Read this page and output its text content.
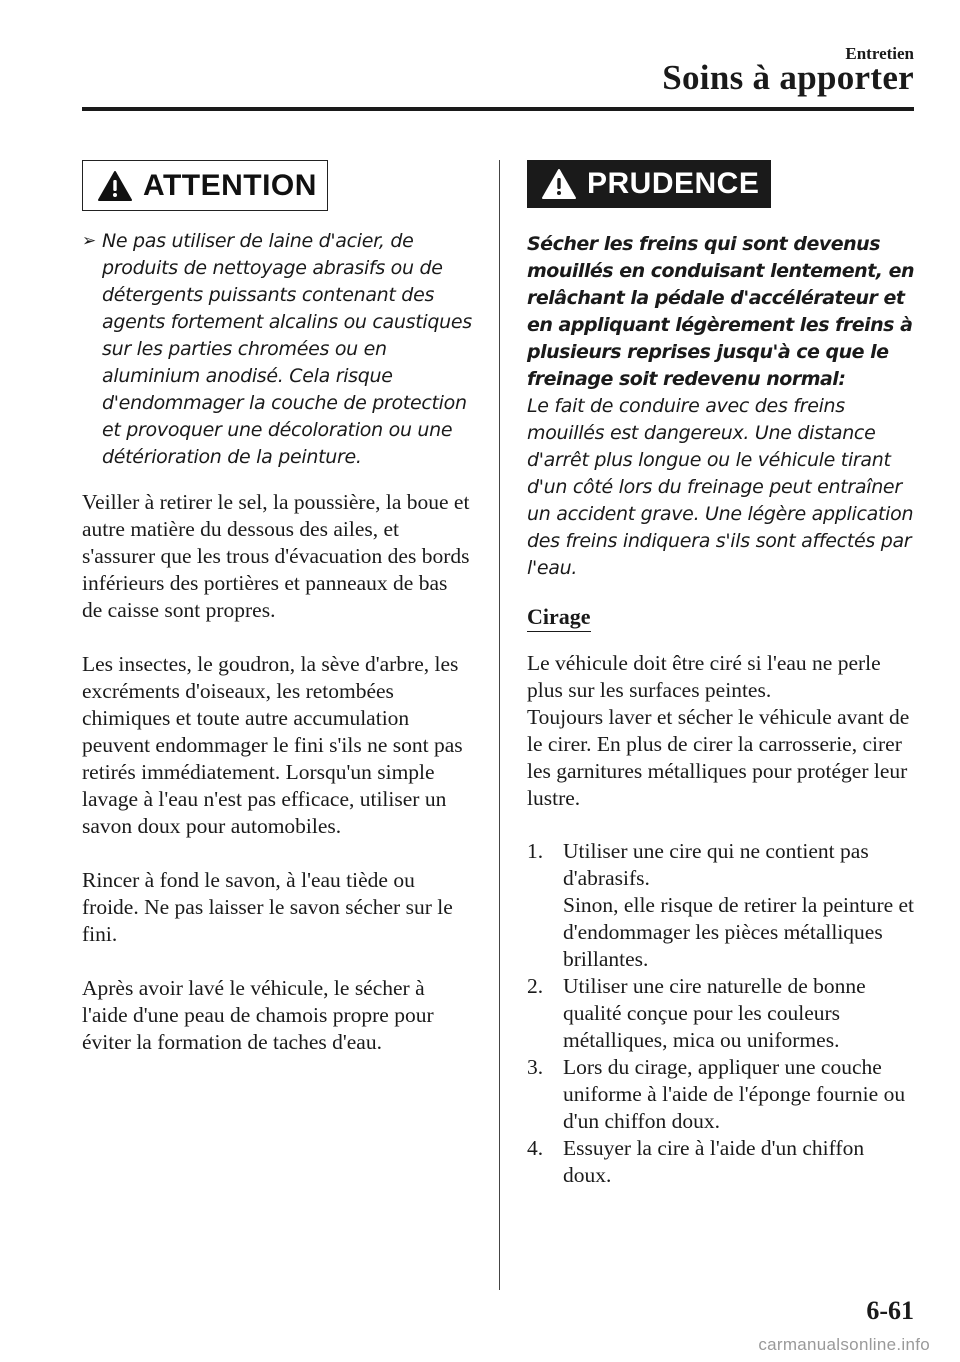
Entretien
Soins à apporter
ATTENTION
➢ Ne pas utiliser de laine d'acier, de produits de nettoyage abrasifs ou de détergents puissants contenant des agents fortement alcalins ou caustiques sur les parties chromées ou en aluminium anodisé. Cela risque d'endommager la couche de protection et provoquer une décoloration ou une détérioration de la peinture.

Veiller à retirer le sel, la poussière, la boue et autre matière du dessous des ailes, et s'assurer que les trous d'évacuation des bords inférieurs des portières et panneaux de bas de caisse sont propres.

Les insectes, le goudron, la sève d'arbre, les excréments d'oiseaux, les retombées chimiques et toute autre accumulation peuvent endommager le fini s'ils ne sont pas retirés immédiatement. Lorsqu'un simple lavage à l'eau n'est pas efficace, utiliser un savon doux pour automobiles.

Rincer à fond le savon, à l'eau tiède ou froide. Ne pas laisser le savon sécher sur le fini.

Après avoir lavé le véhicule, le sécher à l'aide d'une peau de chamois propre pour éviter la formation de taches d'eau.

PRUDENCE
Sécher les freins qui sont devenus mouillés en conduisant lentement, en relâchant la pédale d'accélérateur et en appliquant légèrement les freins à plusieurs reprises jusqu'à ce que le freinage soit redevenu normal:
Le fait de conduire avec des freins mouillés est dangereux. Une distance d'arrêt plus longue ou le véhicule tirant d'un côté lors du freinage peut entraîner un accident grave. Une légère application des freins indiquera s'ils sont affectés par l'eau.
Cirage

Le véhicule doit être ciré si l'eau ne perle plus sur les surfaces peintes.

Toujours laver et sécher le véhicule avant de le cirer. En plus de cirer la carrosserie, cirer les garnitures métalliques pour protéger leur lustre.

1. Utiliser une cire qui ne contient pas d'abrasifs.
Sinon, elle risque de retirer la peinture et d'endommager les pièces métalliques brillantes.
2. Utiliser une cire naturelle de bonne qualité conçue pour les couleurs métalliques, mica ou uniformes.
3. Lors du cirage, appliquer une couche uniforme à l'aide de l'éponge fournie ou d'un chiffon doux.
4. Essuyer la cire à l'aide d'un chiffon doux.
6-61
carmanualsonline.info
